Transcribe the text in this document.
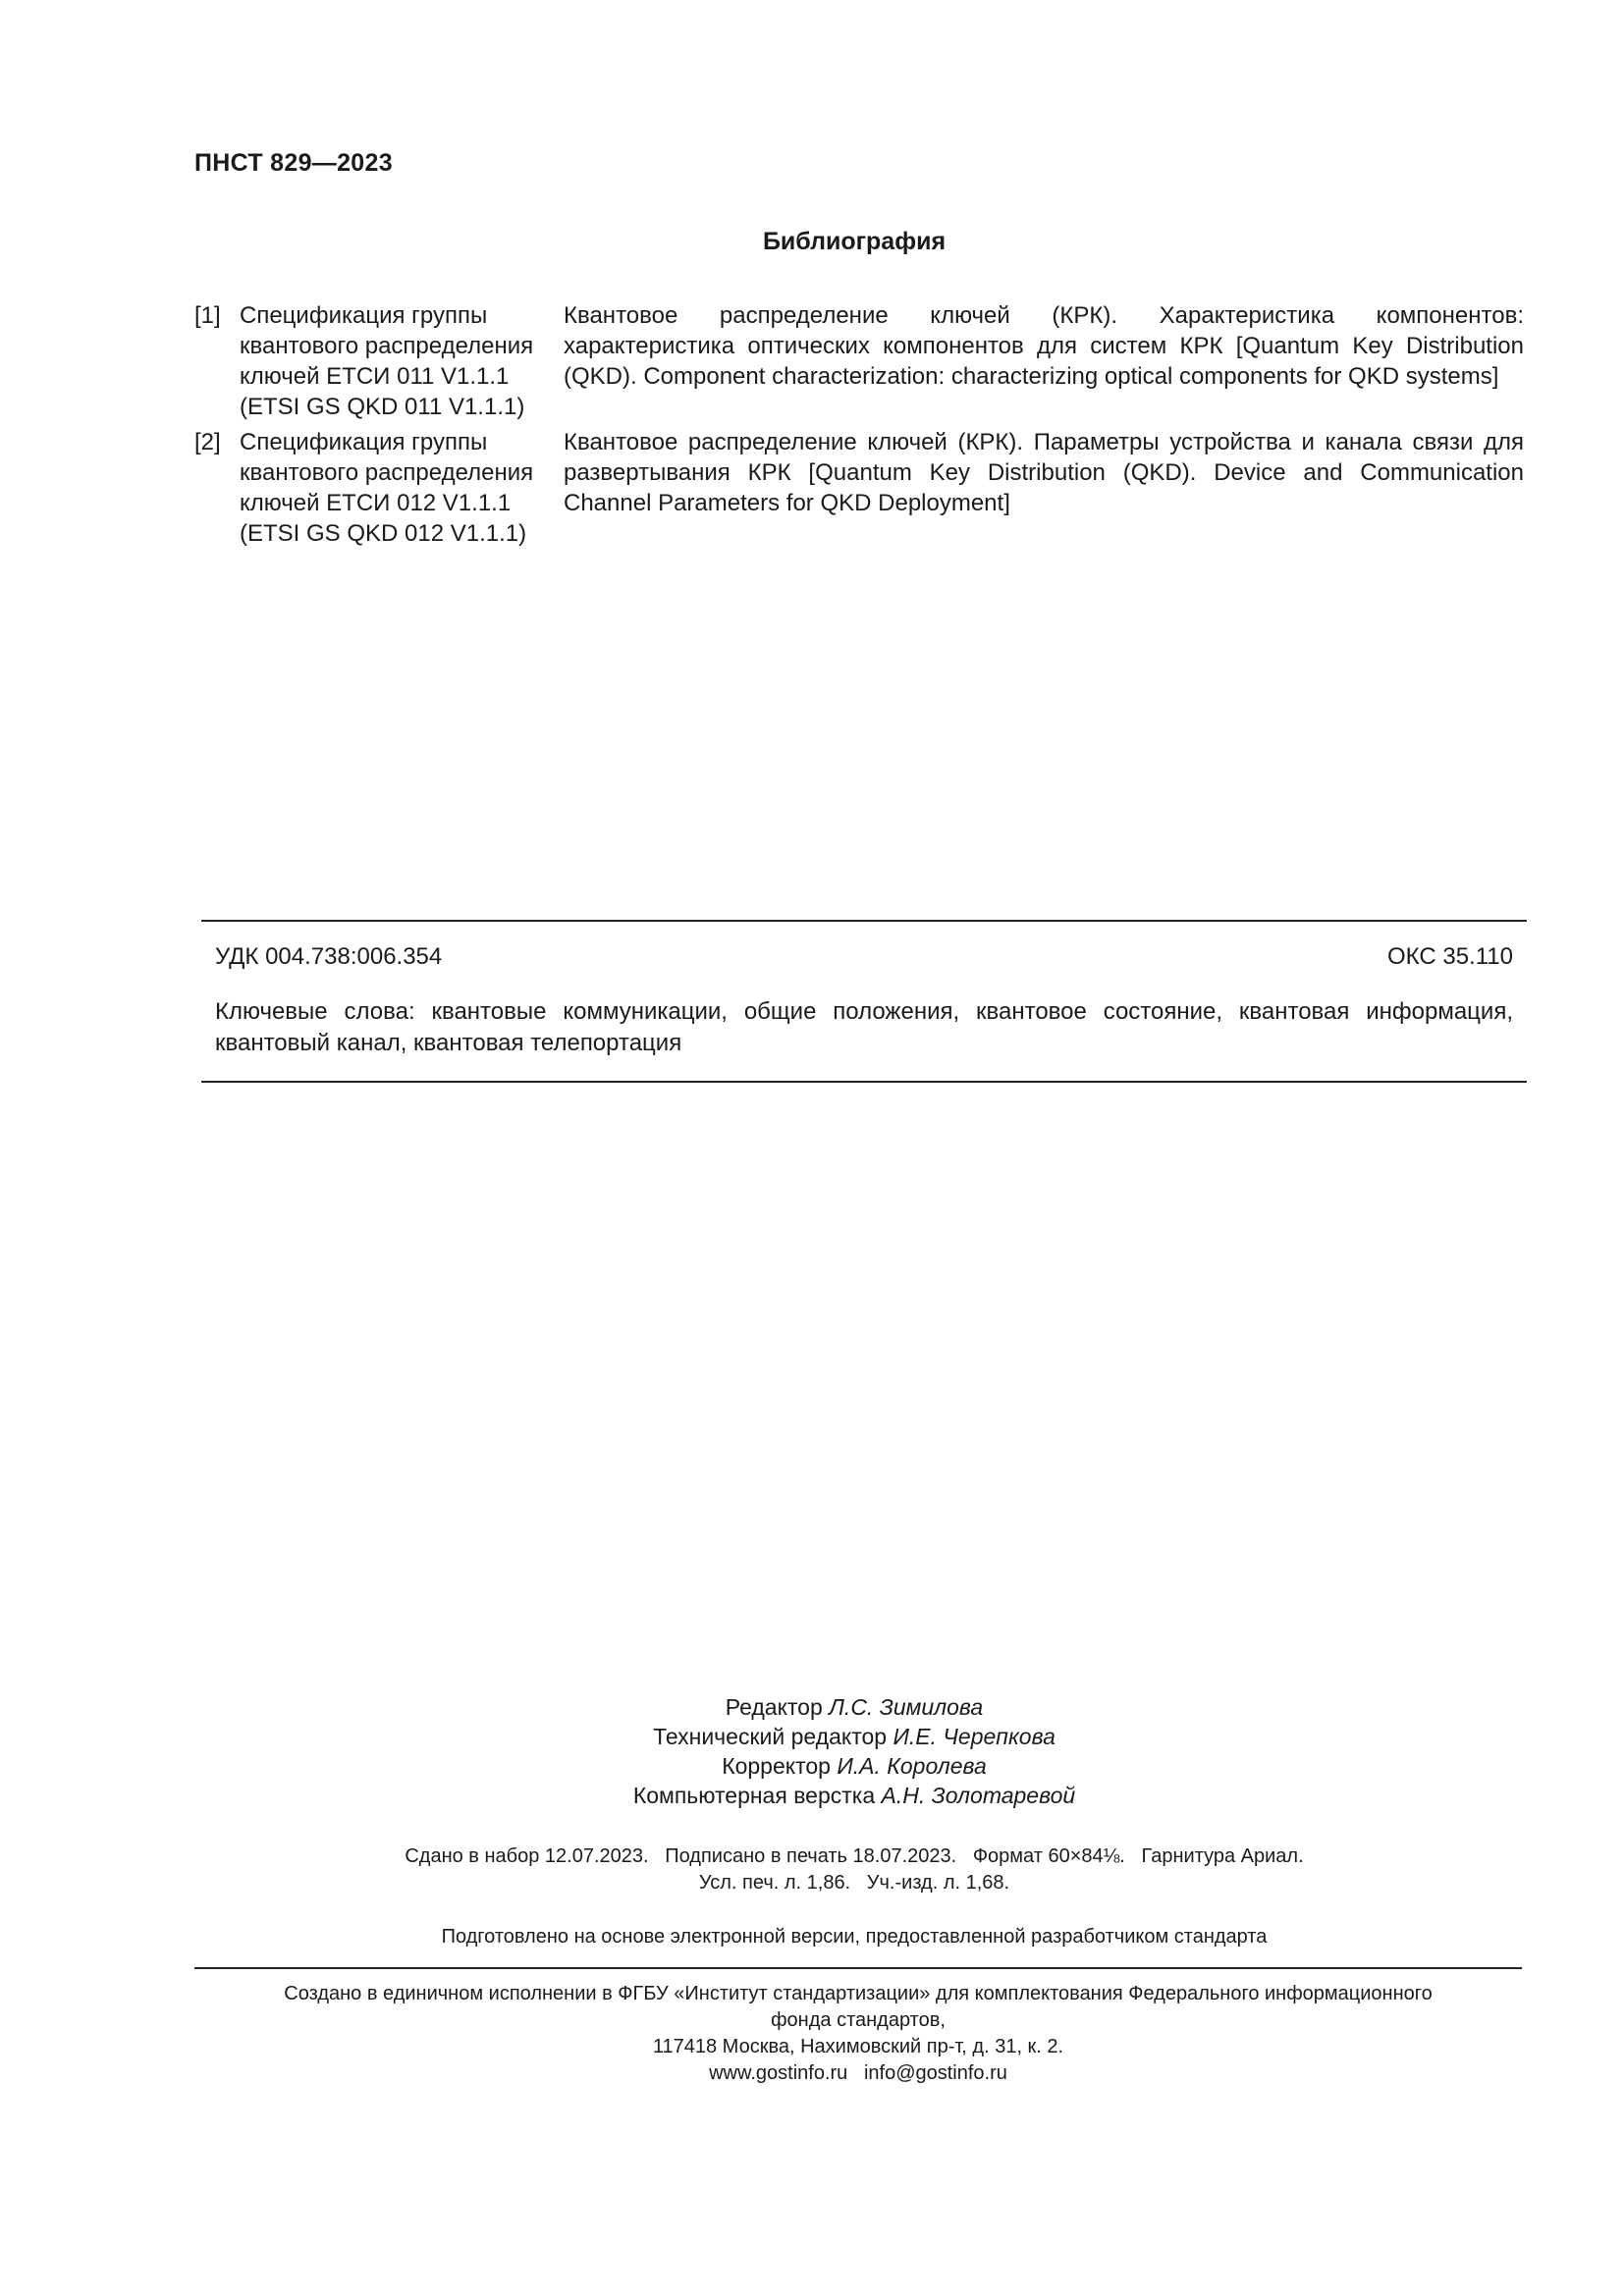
ПНСТ 829—2023
Библиография
[1] Спецификация группы квантового распределения ключей ЕТСИ 011 V1.1.1 (ETSI GS QKD 011 V1.1.1)
Квантовое распределение ключей (КРК). Характеристика компонентов: характеристика оптических компонентов для систем КРК [Quantum Key Distribution (QKD). Component characterization: characterizing optical components for QKD systems]
[2] Спецификация группы квантового распределения ключей ЕТСИ 012 V1.1.1 (ETSI GS QKD 012 V1.1.1)
Квантовое распределение ключей (КРК). Параметры устройства и канала связи для развертывания КРК [Quantum Key Distribution (QKD). Device and Communication Channel Parameters for QKD Deployment]
УДК 004.738:006.354	ОКС 35.110
Ключевые слова: квантовые коммуникации, общие положения, квантовое состояние, квантовая информация, квантовый канал, квантовая телепортация
Редактор Л.С. Зимилова
Технический редактор И.Е. Черепкова
Корректор И.А. Королева
Компьютерная верстка А.Н. Золотаревой
Сдано в набор 12.07.2023.   Подписано в печать 18.07.2023.   Формат 60×84⅛.   Гарнитура Ариал.
Усл. печ. л. 1,86.   Уч.-изд. л. 1,68.
Подготовлено на основе электронной версии, предоставленной разработчиком стандарта
Создано в единичном исполнении в ФГБУ «Институт стандартизации» для комплектования Федерального информационного
фонда стандартов,
117418 Москва, Нахимовский пр-т, д. 31, к. 2.
www.gostinfo.ru info@gostinfo.ru
